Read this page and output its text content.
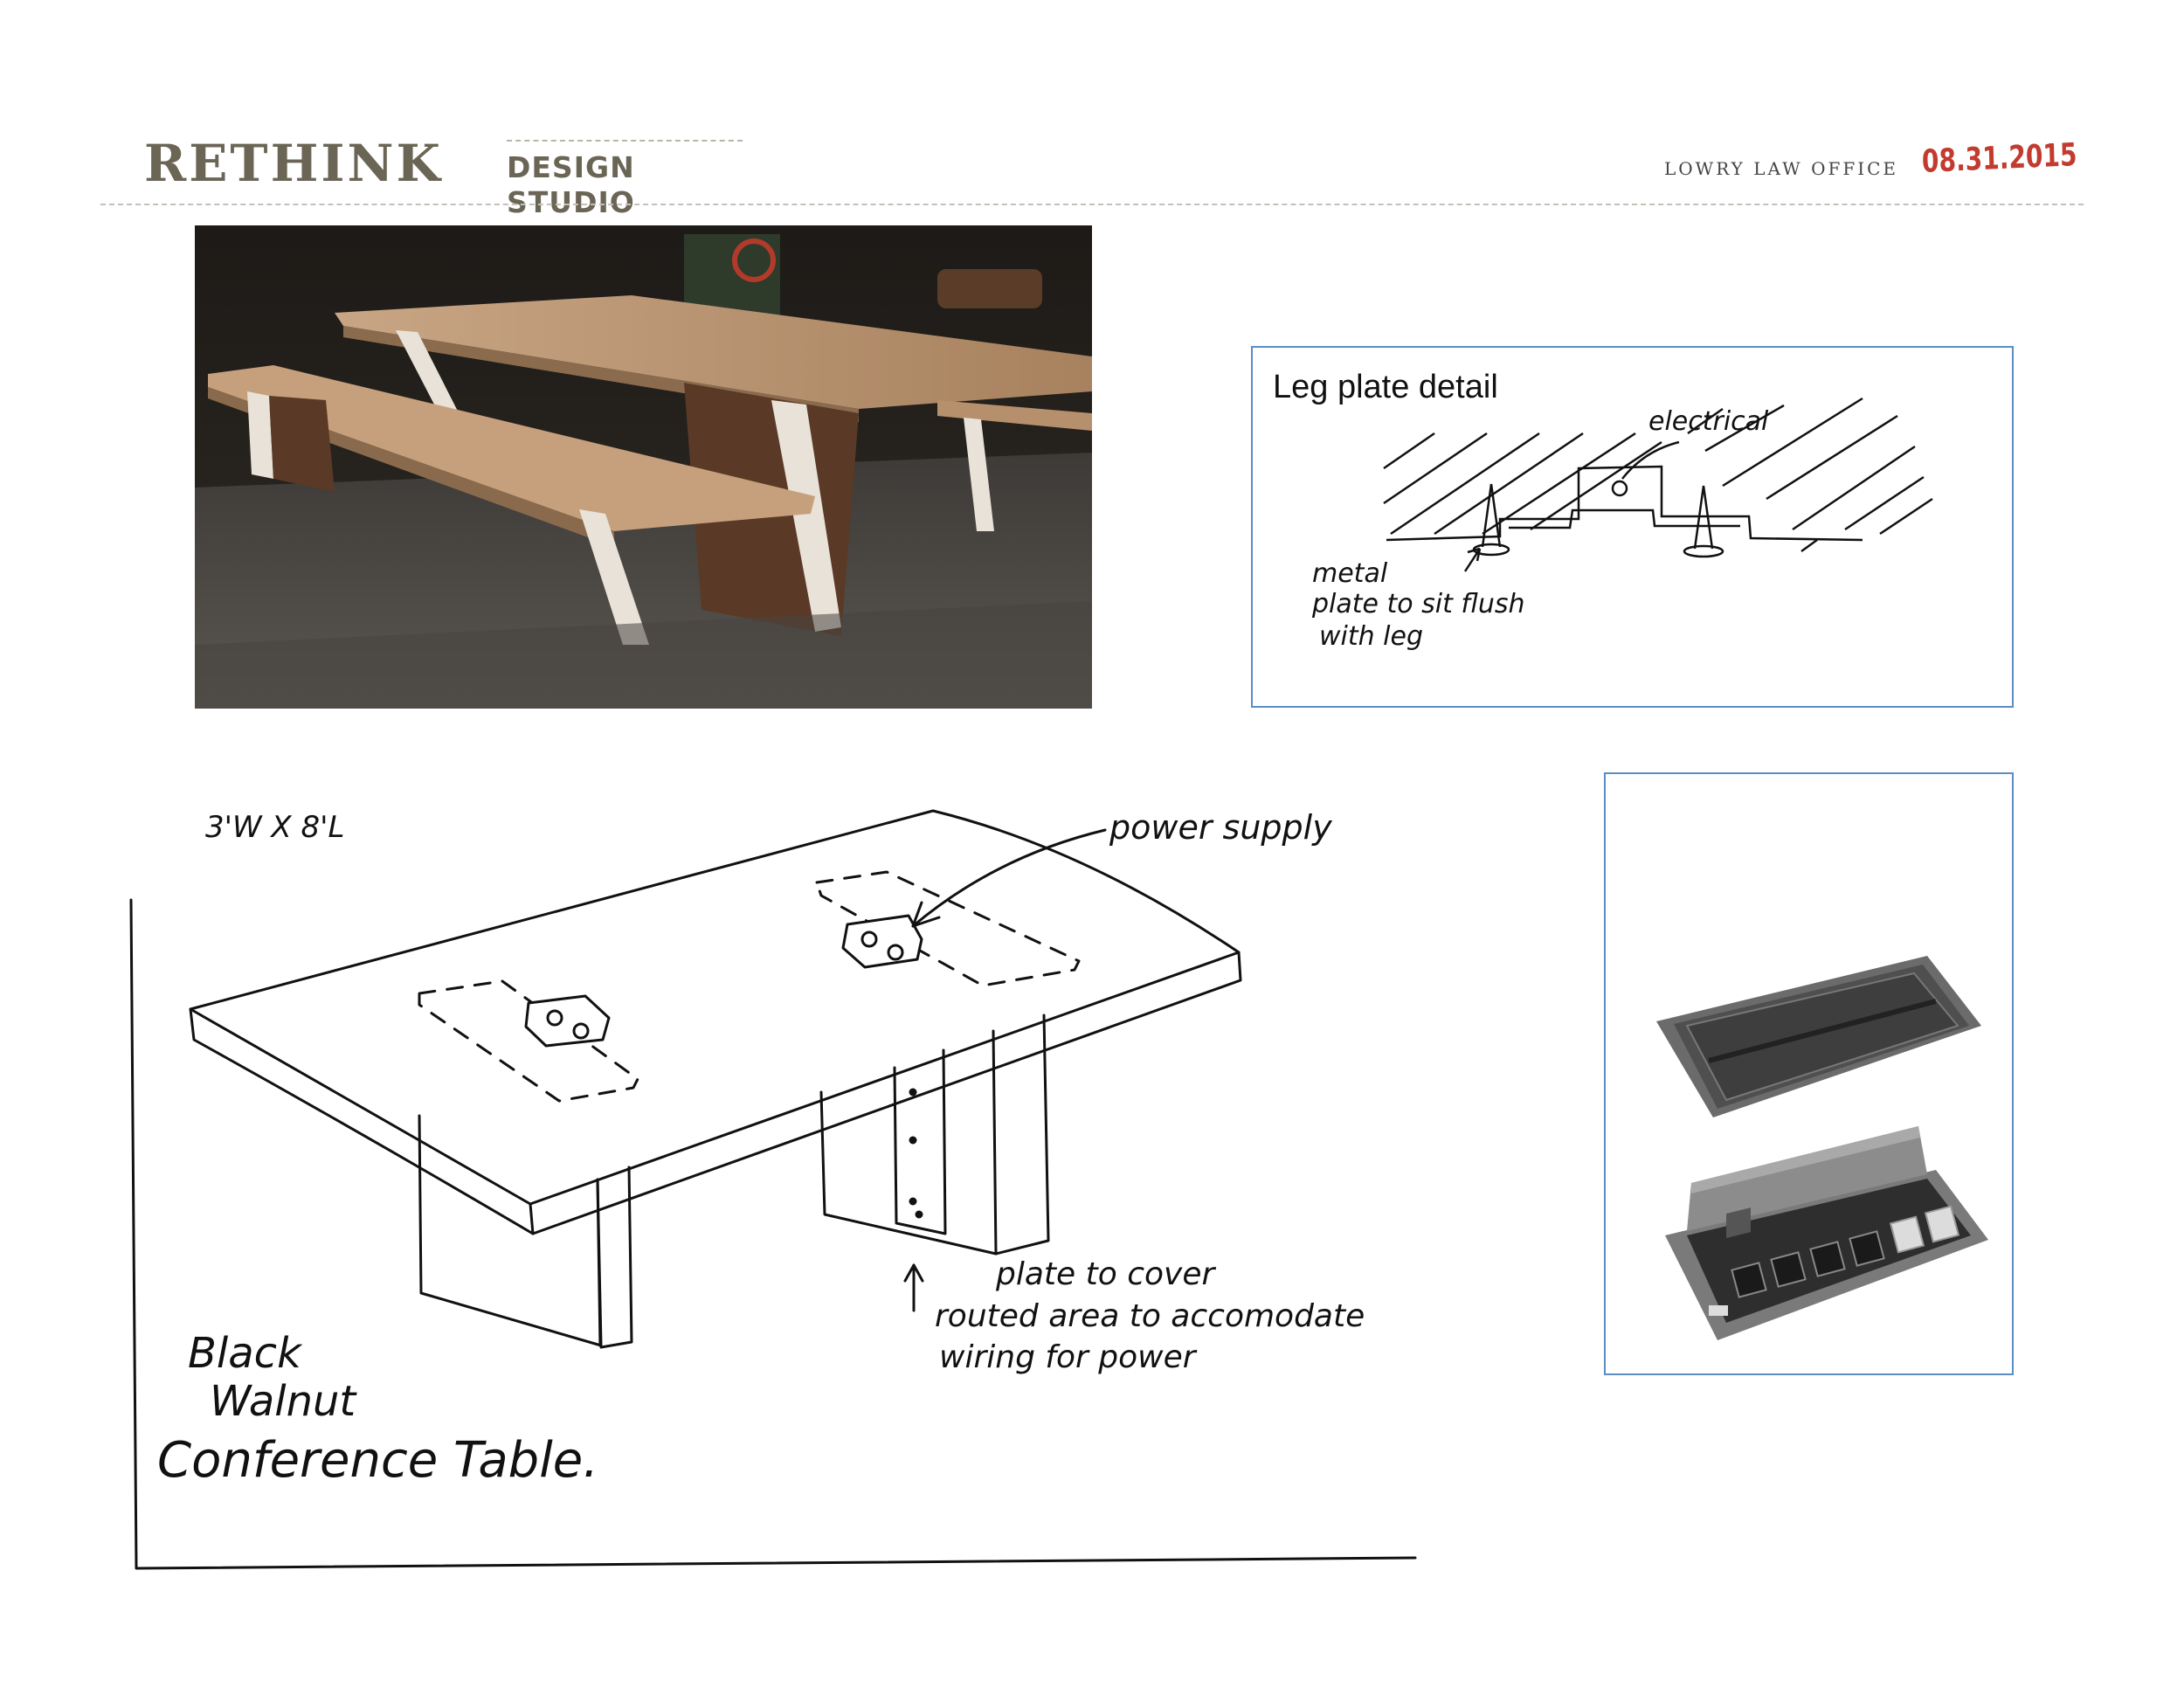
RETHINK DESIGN STUDIO
LOWRY LAW OFFICE 08.31.2015
Leg plate detail
electrical
metal
plate to sit flush
with leg
3'W X 8'L	power supply
plate to cover
routed area to accomodate
wiring for power
Black
Walnut
Conference Table.
